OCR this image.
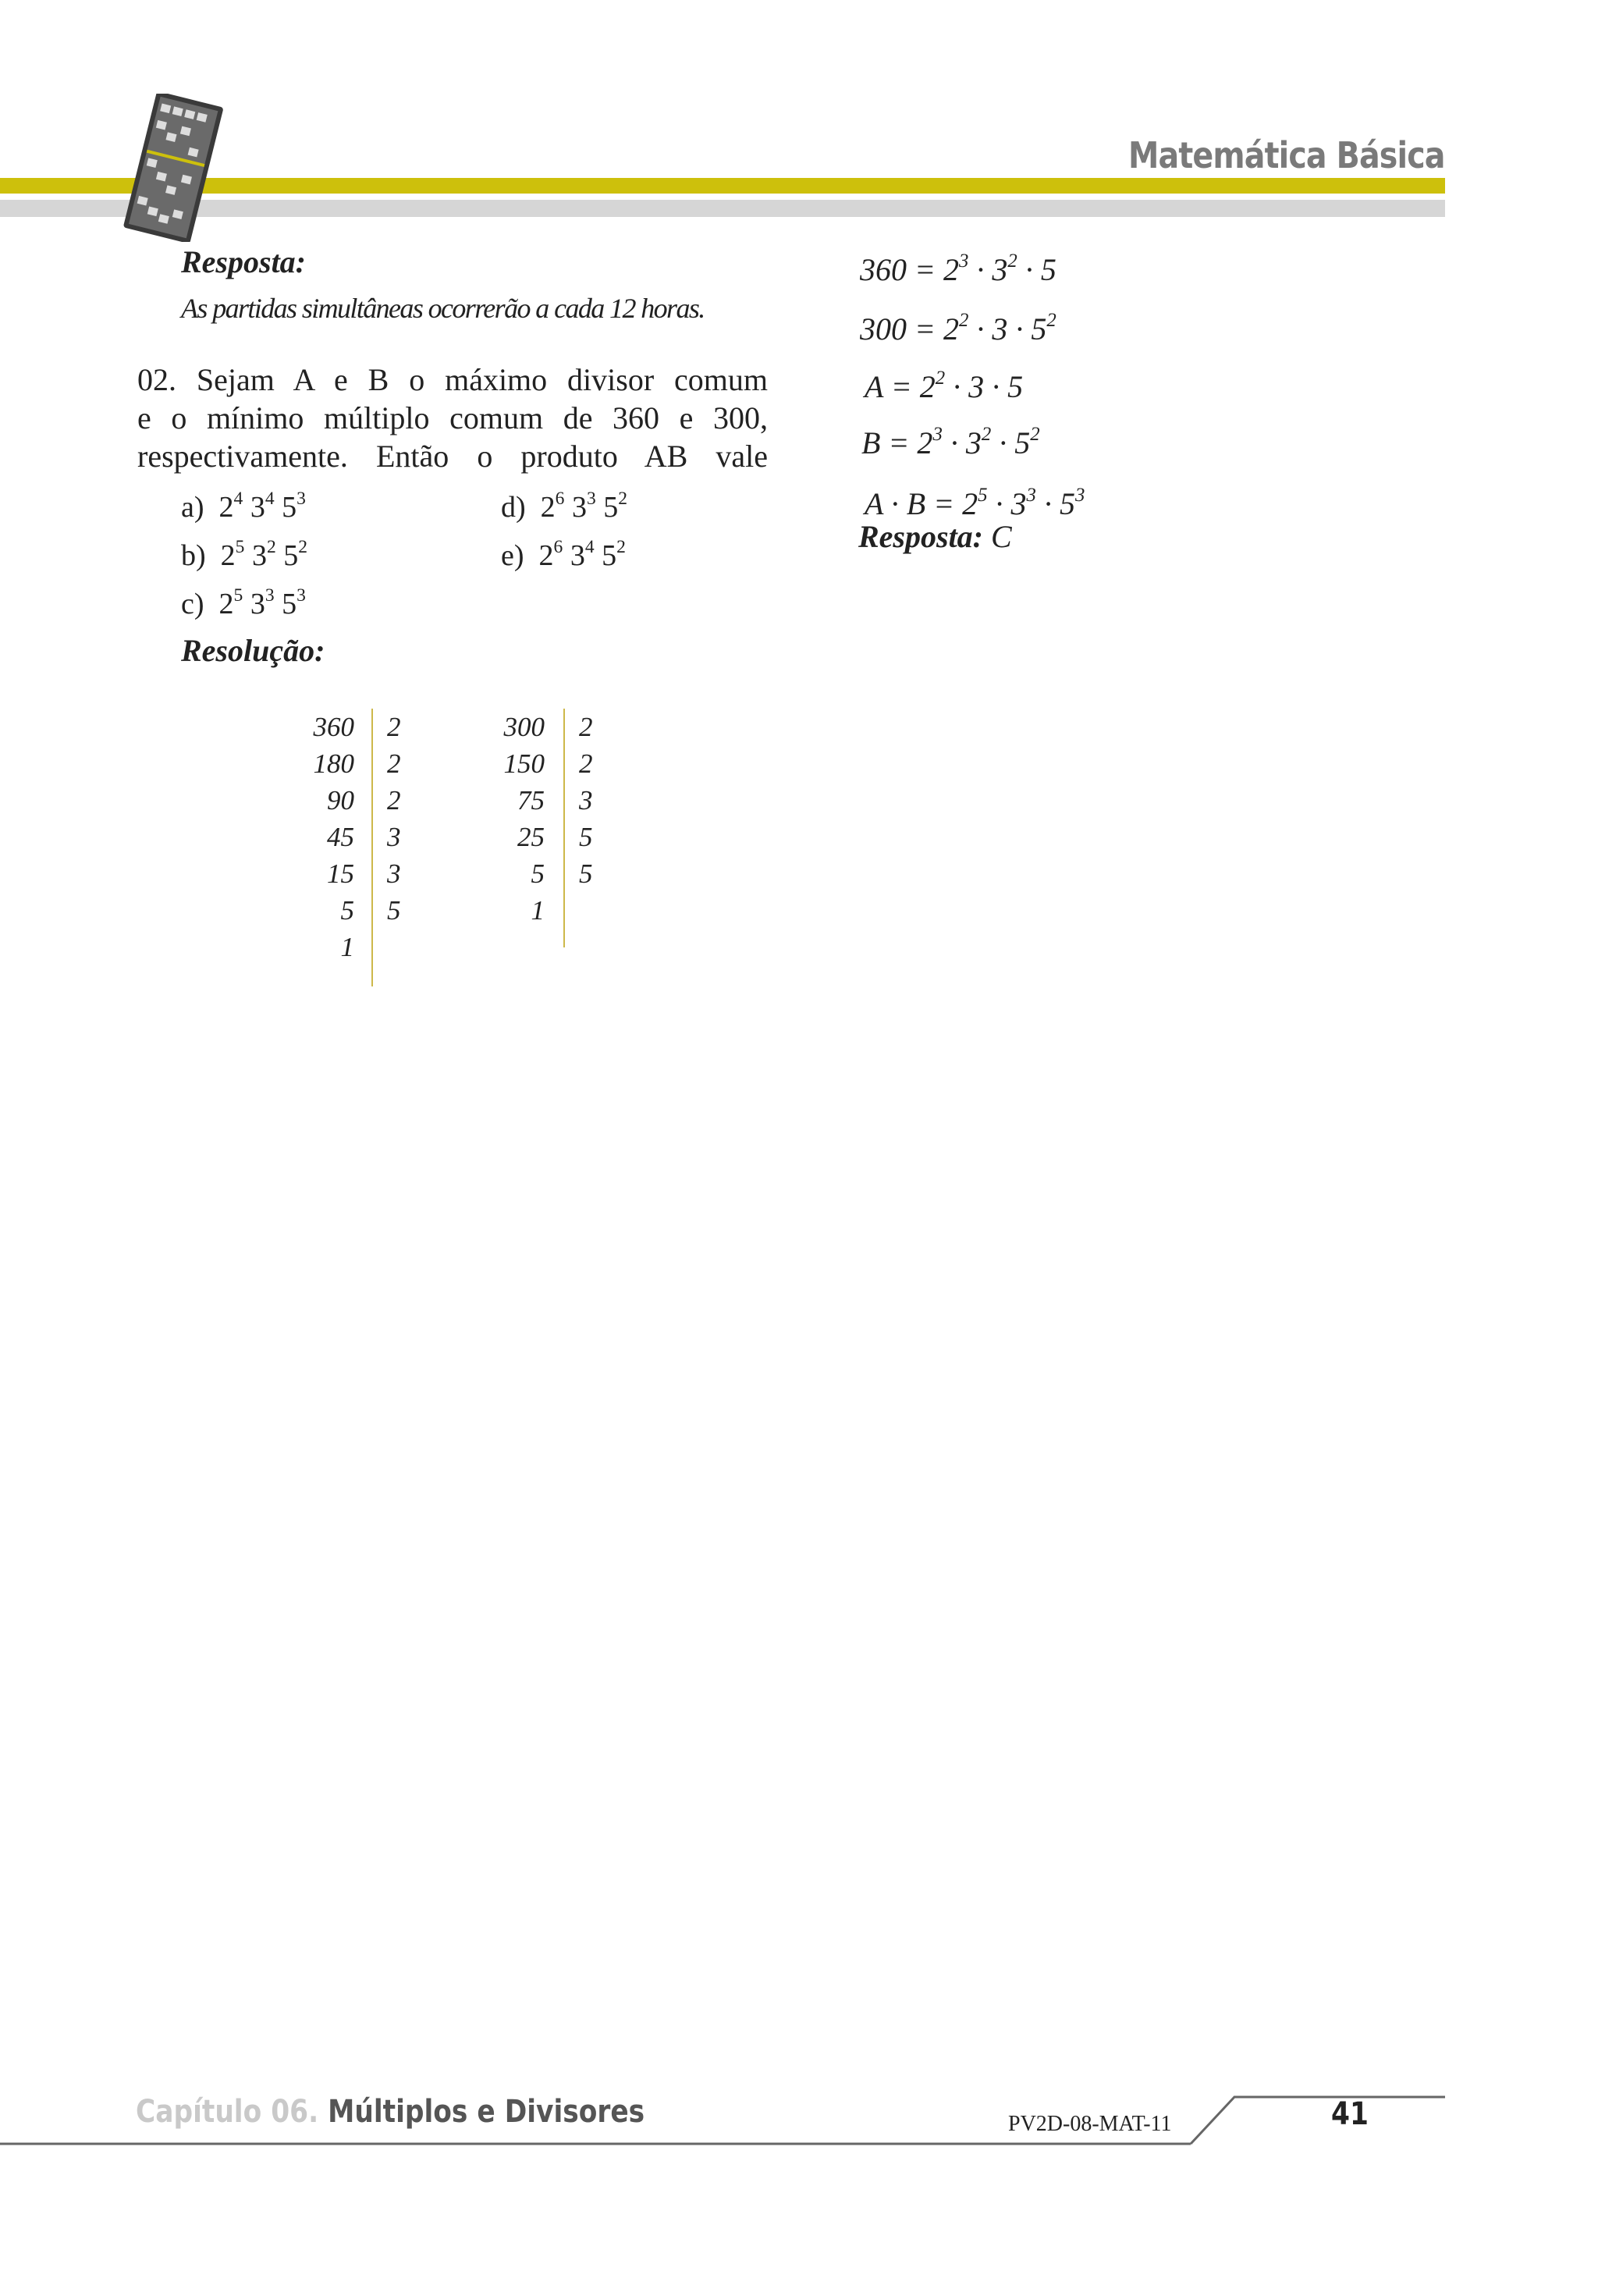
Matemática Básica
Resposta:
As partidas simultâneas ocorrerão a cada 12 horas.
02. Sejam A e B o máximo divisor comum
e o mínimo múltiplo comum de 360 e 300,
respectivamente. Então o produto AB vale
a) $2^4$ $3^4$ $5^3$
b) $2^5$ $3^2$ $5^2$
c) $2^5$ $3^3$ $5^3$
d) $2^6$ $3^3$ $5^2$
e) $2^6$ $3^4$ $5^2$
Resolução:
360
180
90
45
15
5
1
2
2
2
3
3
5
300
150
75
25
5
1
2
2
3
5
5
$360 = 2^3 \cdot 3^2 \cdot 5$
$300 = 2^2 \cdot 3 \cdot 5^2$
$A = 2^2 \cdot 3 \cdot 5$
$B = 2^3 \cdot 3^2 \cdot 5^2$
$A \cdot B = 2^5 \cdot 3^3 \cdot 5^3$
Resposta: C
Capítulo 06. Múltiplos e Divisores	PV2D-08-MAT-11	41
